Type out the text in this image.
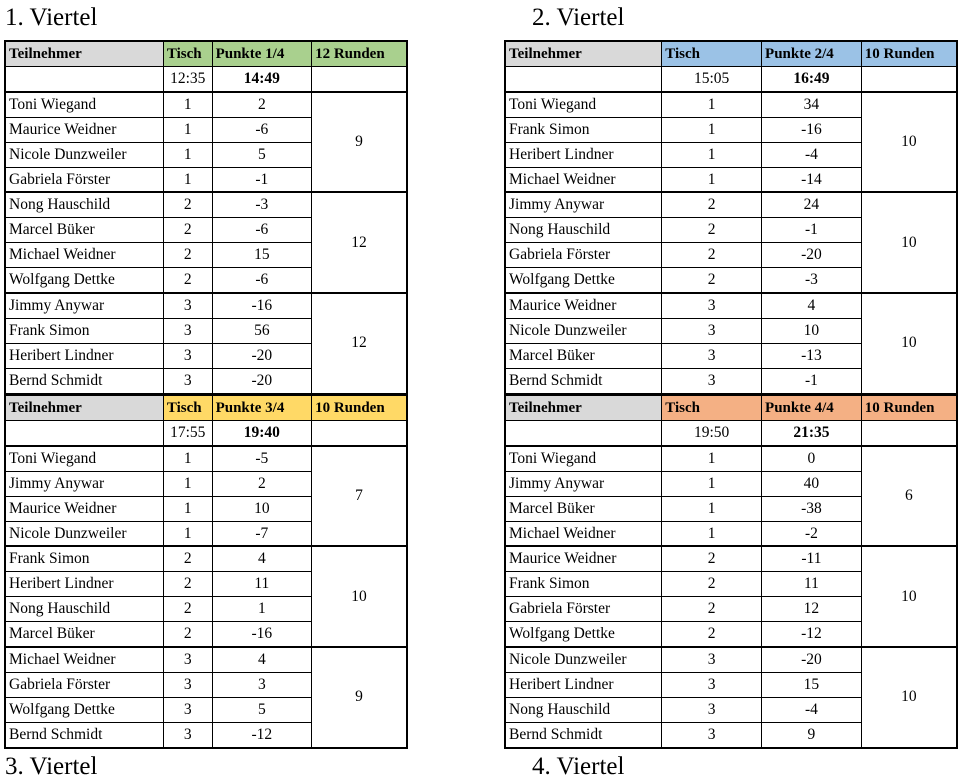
1. Viertel	2. Viertel
3. Viertel	4. Viertel
Teilnehmer	Tisch	Punkte 1/4	12 Runden
	12:35	14:49	
Toni Wiegand	1	2	9
Maurice Weidner	1	-6	
Nicole Dunzweiler	1	5	
Gabriela Förster	1	-1	
Nong Hauschild	2	-3	12
Marcel Büker	2	-6	
Michael Weidner	2	15	
Wolfgang Dettke	2	-6	
Jimmy Anywar	3	-16	12
Frank Simon	3	56	
Heribert Lindner	3	-20	
Bernd Schmidt	3	-20	
Teilnehmer	Tisch	Punkte 2/4	10 Runden
	15:05	16:49	
Toni Wiegand	1	34	10
Frank Simon	1	-16	
Heribert Lindner	1	-4	
Michael Weidner	1	-14	
Jimmy Anywar	2	24	10
Nong Hauschild	2	-1	
Gabriela Förster	2	-20	
Wolfgang Dettke	2	-3	
Maurice Weidner	3	4	10
Nicole Dunzweiler	3	10	
Marcel Büker	3	-13	
Bernd Schmidt	3	-1	
Teilnehmer	Tisch	Punkte 3/4	10 Runden
	17:55	19:40	
Toni Wiegand	1	-5	7
Jimmy Anywar	1	2	
Maurice Weidner	1	10	
Nicole Dunzweiler	1	-7	
Frank Simon	2	4	10
Heribert Lindner	2	11	
Nong Hauschild	2	1	
Marcel Büker	2	-16	
Michael Weidner	3	4	9
Gabriela Förster	3	3	
Wolfgang Dettke	3	5	
Bernd Schmidt	3	-12	
Teilnehmer	Tisch	Punkte 4/4	10 Runden
	19:50	21:35	
Toni Wiegand	1	0	6
Jimmy Anywar	1	40	
Marcel Büker	1	-38	
Michael Weidner	1	-2	
Maurice Weidner	2	-11	10
Frank Simon	2	11	
Gabriela Förster	2	12	
Wolfgang Dettke	2	-12	
Nicole Dunzweiler	3	-20	10
Heribert Lindner	3	15	
Nong Hauschild	3	-4	
Bernd Schmidt	3	9	
